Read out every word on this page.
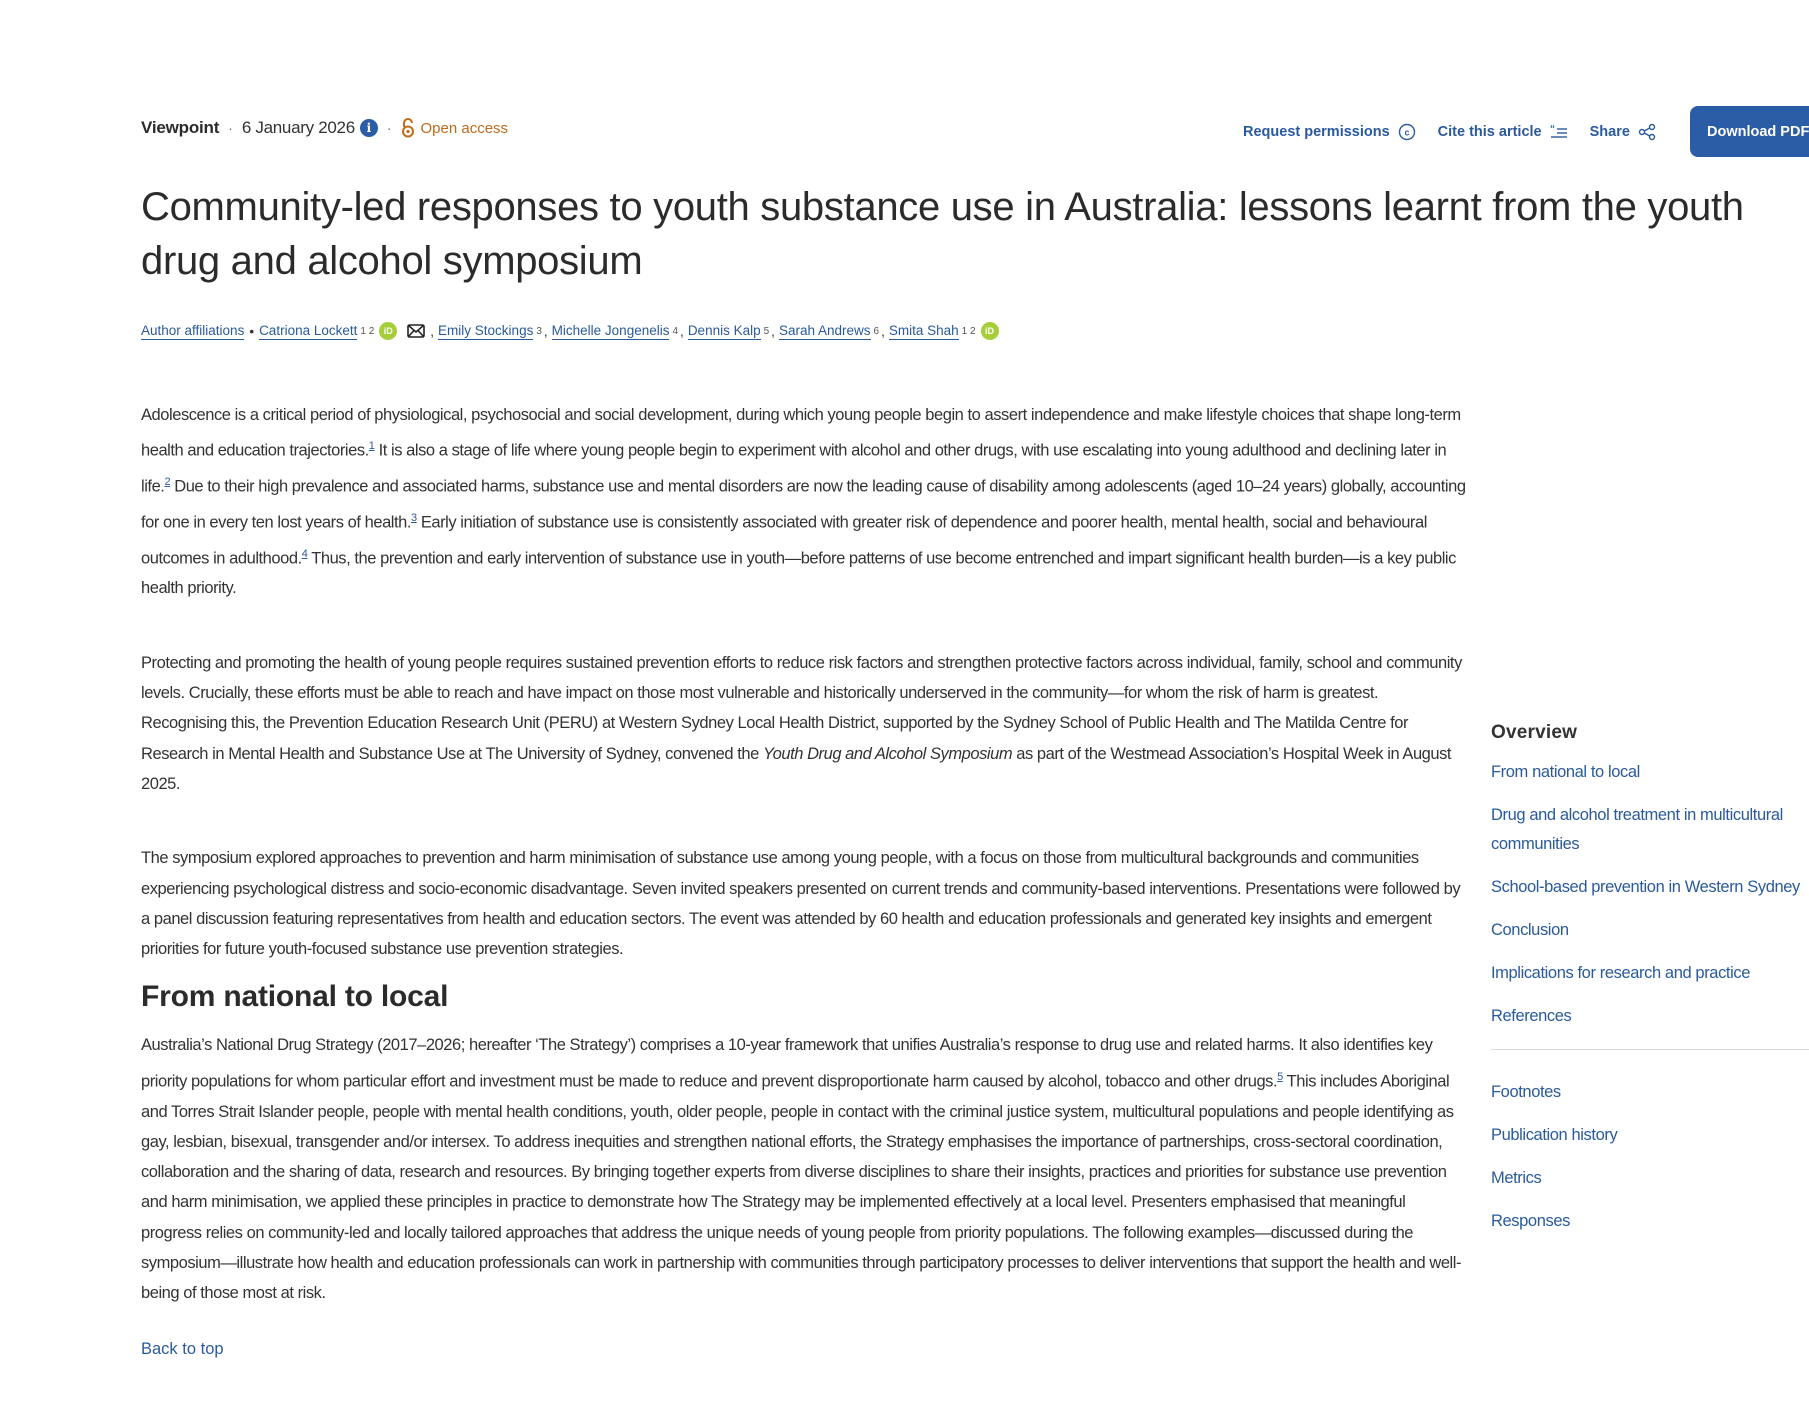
Viewpoint · 6 January 2026 i	· Open access	Request permissions c Cite this article “ Share	Download PDF
Community-led responses to youth substance use in Australia: lessons learnt from the youth drug and alcohol symposium
Author affiliations • Catriona Lockett 1 2	iD	, Emily Stockings 3 , Michelle Jongenelis 4 , Dennis Kalp 5 , Sarah Andrews 6 , Smita Shah 1 2	iD

Adolescence is a critical period of physiological, psychosocial and social development, during which young people begin to assert independence and make lifestyle choices that shape long-term health and education trajectories.$^1$ It is also a stage of life where young people begin to experiment with alcohol and other drugs, with use escalating into young adulthood and declining later in life.$^2$ Due to their high prevalence and associated harms, substance use and mental disorders are now the leading cause of disability among adolescents (aged 10–24 years) globally, accounting for one in every ten lost years of health.$^3$ Early initiation of substance use is consistently associated with greater risk of dependence and poorer health, mental health, social and behavioural outcomes in adulthood.$^4$ Thus, the prevention and early intervention of substance use in youth—before patterns of use become entrenched and impart significant health burden—is a key public health priority.

Protecting and promoting the health of young people requires sustained prevention efforts to reduce risk factors and strengthen protective factors across individual, family, school and community levels. Crucially, these efforts must be able to reach and have impact on those most vulnerable and historically underserved in the community—for whom the risk of harm is greatest. Recognising this, the Prevention Education Research Unit (PERU) at Western Sydney Local Health District, supported by the Sydney School of Public Health and The Matilda Centre for Research in Mental Health and Substance Use at The University of Sydney, convened the Youth Drug and Alcohol Symposium as part of the Westmead Association’s Hospital Week in August 2025.

The symposium explored approaches to prevention and harm minimisation of substance use among young people, with a focus on those from multicultural backgrounds and communities experiencing psychological distress and socio-economic disadvantage. Seven invited speakers presented on current trends and community-based interventions. Presentations were followed by a panel discussion featuring representatives from health and education sectors. The event was attended by 60 health and education professionals and generated key insights and emergent priorities for future youth-focused substance use prevention strategies.

From national to local

Australia’s National Drug Strategy (2017–2026; hereafter ‘The Strategy’) comprises a 10-year framework that unifies Australia’s response to drug use and related harms. It also identifies key priority populations for whom particular effort and investment must be made to reduce and prevent disproportionate harm caused by alcohol, tobacco and other drugs.$^5$ This includes Aboriginal and Torres Strait Islander people, people with mental health conditions, youth, older people, people in contact with the criminal justice system, multicultural populations and people identifying as gay, lesbian, bisexual, transgender and/or intersex. To address inequities and strengthen national efforts, the Strategy emphasises the importance of partnerships, cross-sectoral coordination, collaboration and the sharing of data, research and resources. By bringing together experts from diverse disciplines to share their insights, practices and priorities for substance use prevention and harm minimisation, we applied these principles in practice to demonstrate how The Strategy may be implemented effectively at a local level. Presenters emphasised that meaningful progress relies on community-led and locally tailored approaches that address the unique needs of young people from priority populations. The following examples—discussed during the symposium—illustrate how health and education professionals can work in partnership with communities through participatory processes to deliver interventions that support the health and well-being of those most at risk.

Back to top
Overview
From national to local
Drug and alcohol treatment in multicultural communities
School-based prevention in Western Sydney
Conclusion
Implications for research and practice
References
Footnotes
Publication history
Metrics
Responses
